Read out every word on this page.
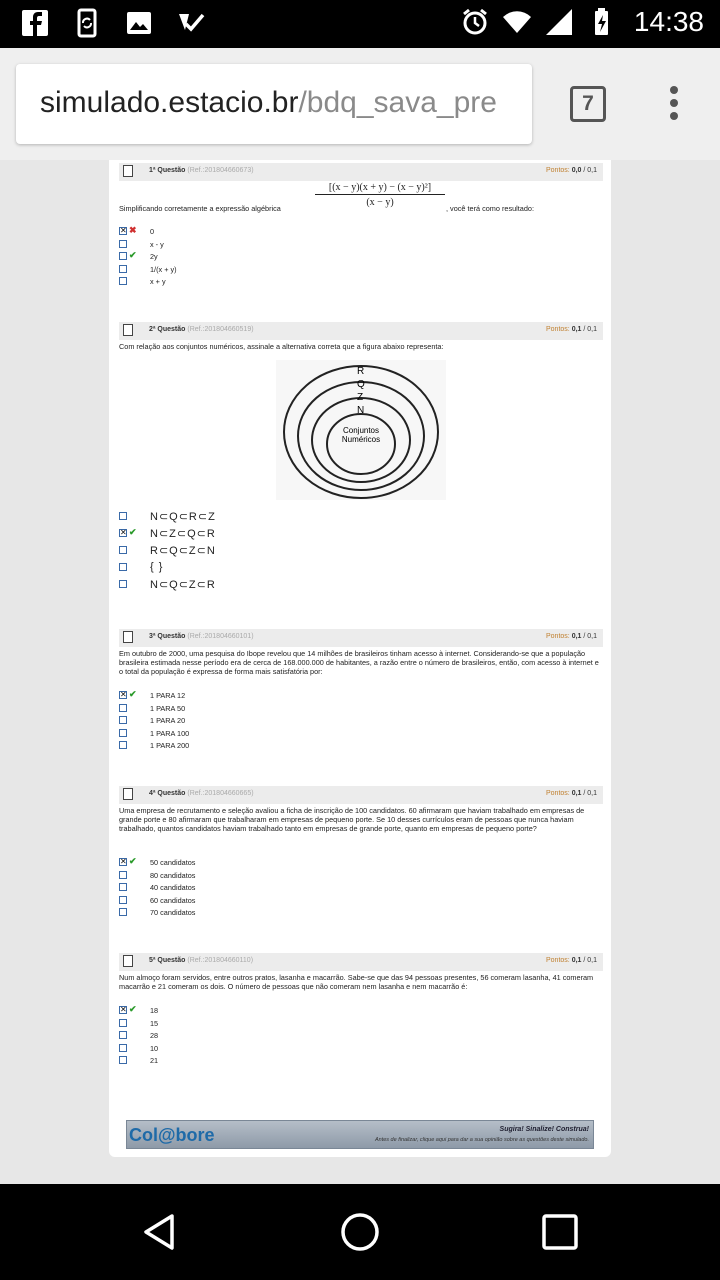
14:38
simulado.estacio.br/bdq_sava_pre	7
1ª Questão (Ref.:201804660673)	Pontos: 0,0 / 0,1
$\frac{\text{[(x − y)(x + y) − (x − y)²]}}{(x - y)}$
Simplificando corretamente a expressão algébrica	, você terá como resultado:
✕ ✖ 0
x - y
✔ 2y
1/(x + y)
x + y
2ª Questão (Ref.:201804660519)	Pontos: 0,1 / 0,1
Com relação aos conjuntos numéricos, assinale a alternativa correta que a figura abaixo representa:
R
Q
Z
N
Conjuntos
Numéricos
N⊂Q⊂R⊂Z
✕ ✔ N⊂Z⊂Q⊂R
R⊂Q⊂Z⊂N
{ }
N⊂Q⊂Z⊂R
3ª Questão (Ref.:201804660101)	Pontos: 0,1 / 0,1
Em outubro de 2000, uma pesquisa do Ibope revelou que 14 milhões de brasileiros tinham acesso à internet. Considerando-se que a população brasileira estimada nesse período era de cerca de 168.000.000 de habitantes, a razão entre o número de brasileiros, então, com acesso à internet e o total da população é expressa de forma mais satisfatória por:
✕ ✔ 1 PARA 12
1 PARA 50
1 PARA 20
1 PARA 100
1 PARA 200
4ª Questão (Ref.:201804660665)	Pontos: 0,1 / 0,1
Uma empresa de recrutamento e seleção avaliou a ficha de inscrição de 100 candidatos. 60 afirmaram que haviam trabalhado em empresas de grande porte e 80 afirmaram que trabalharam em empresas de pequeno porte. Se 10 desses currículos eram de pessoas que nunca haviam trabalhado, quantos candidatos haviam trabalhado tanto em empresas de grande porte, quanto em empresas de pequeno porte?
✕ ✔ 50 candidatos
80 candidatos
40 candidatos
60 candidatos
70 candidatos
5ª Questão (Ref.:201804660110)	Pontos: 0,1 / 0,1
Num almoço foram servidos, entre outros pratos, lasanha e macarrão. Sabe-se que das 94 pessoas presentes, 56 comeram lasanha, 41 comeram macarrão e 21 comeram os dois. O número de pessoas que não comeram nem lasanha e nem macarrão é:
✕ ✔ 18
15
28
10
21
Col@bore	Sugira! Sinalize! Construa!
Antes de finalizar, clique aqui para dar a sua opinião sobre as questões deste simulado.
